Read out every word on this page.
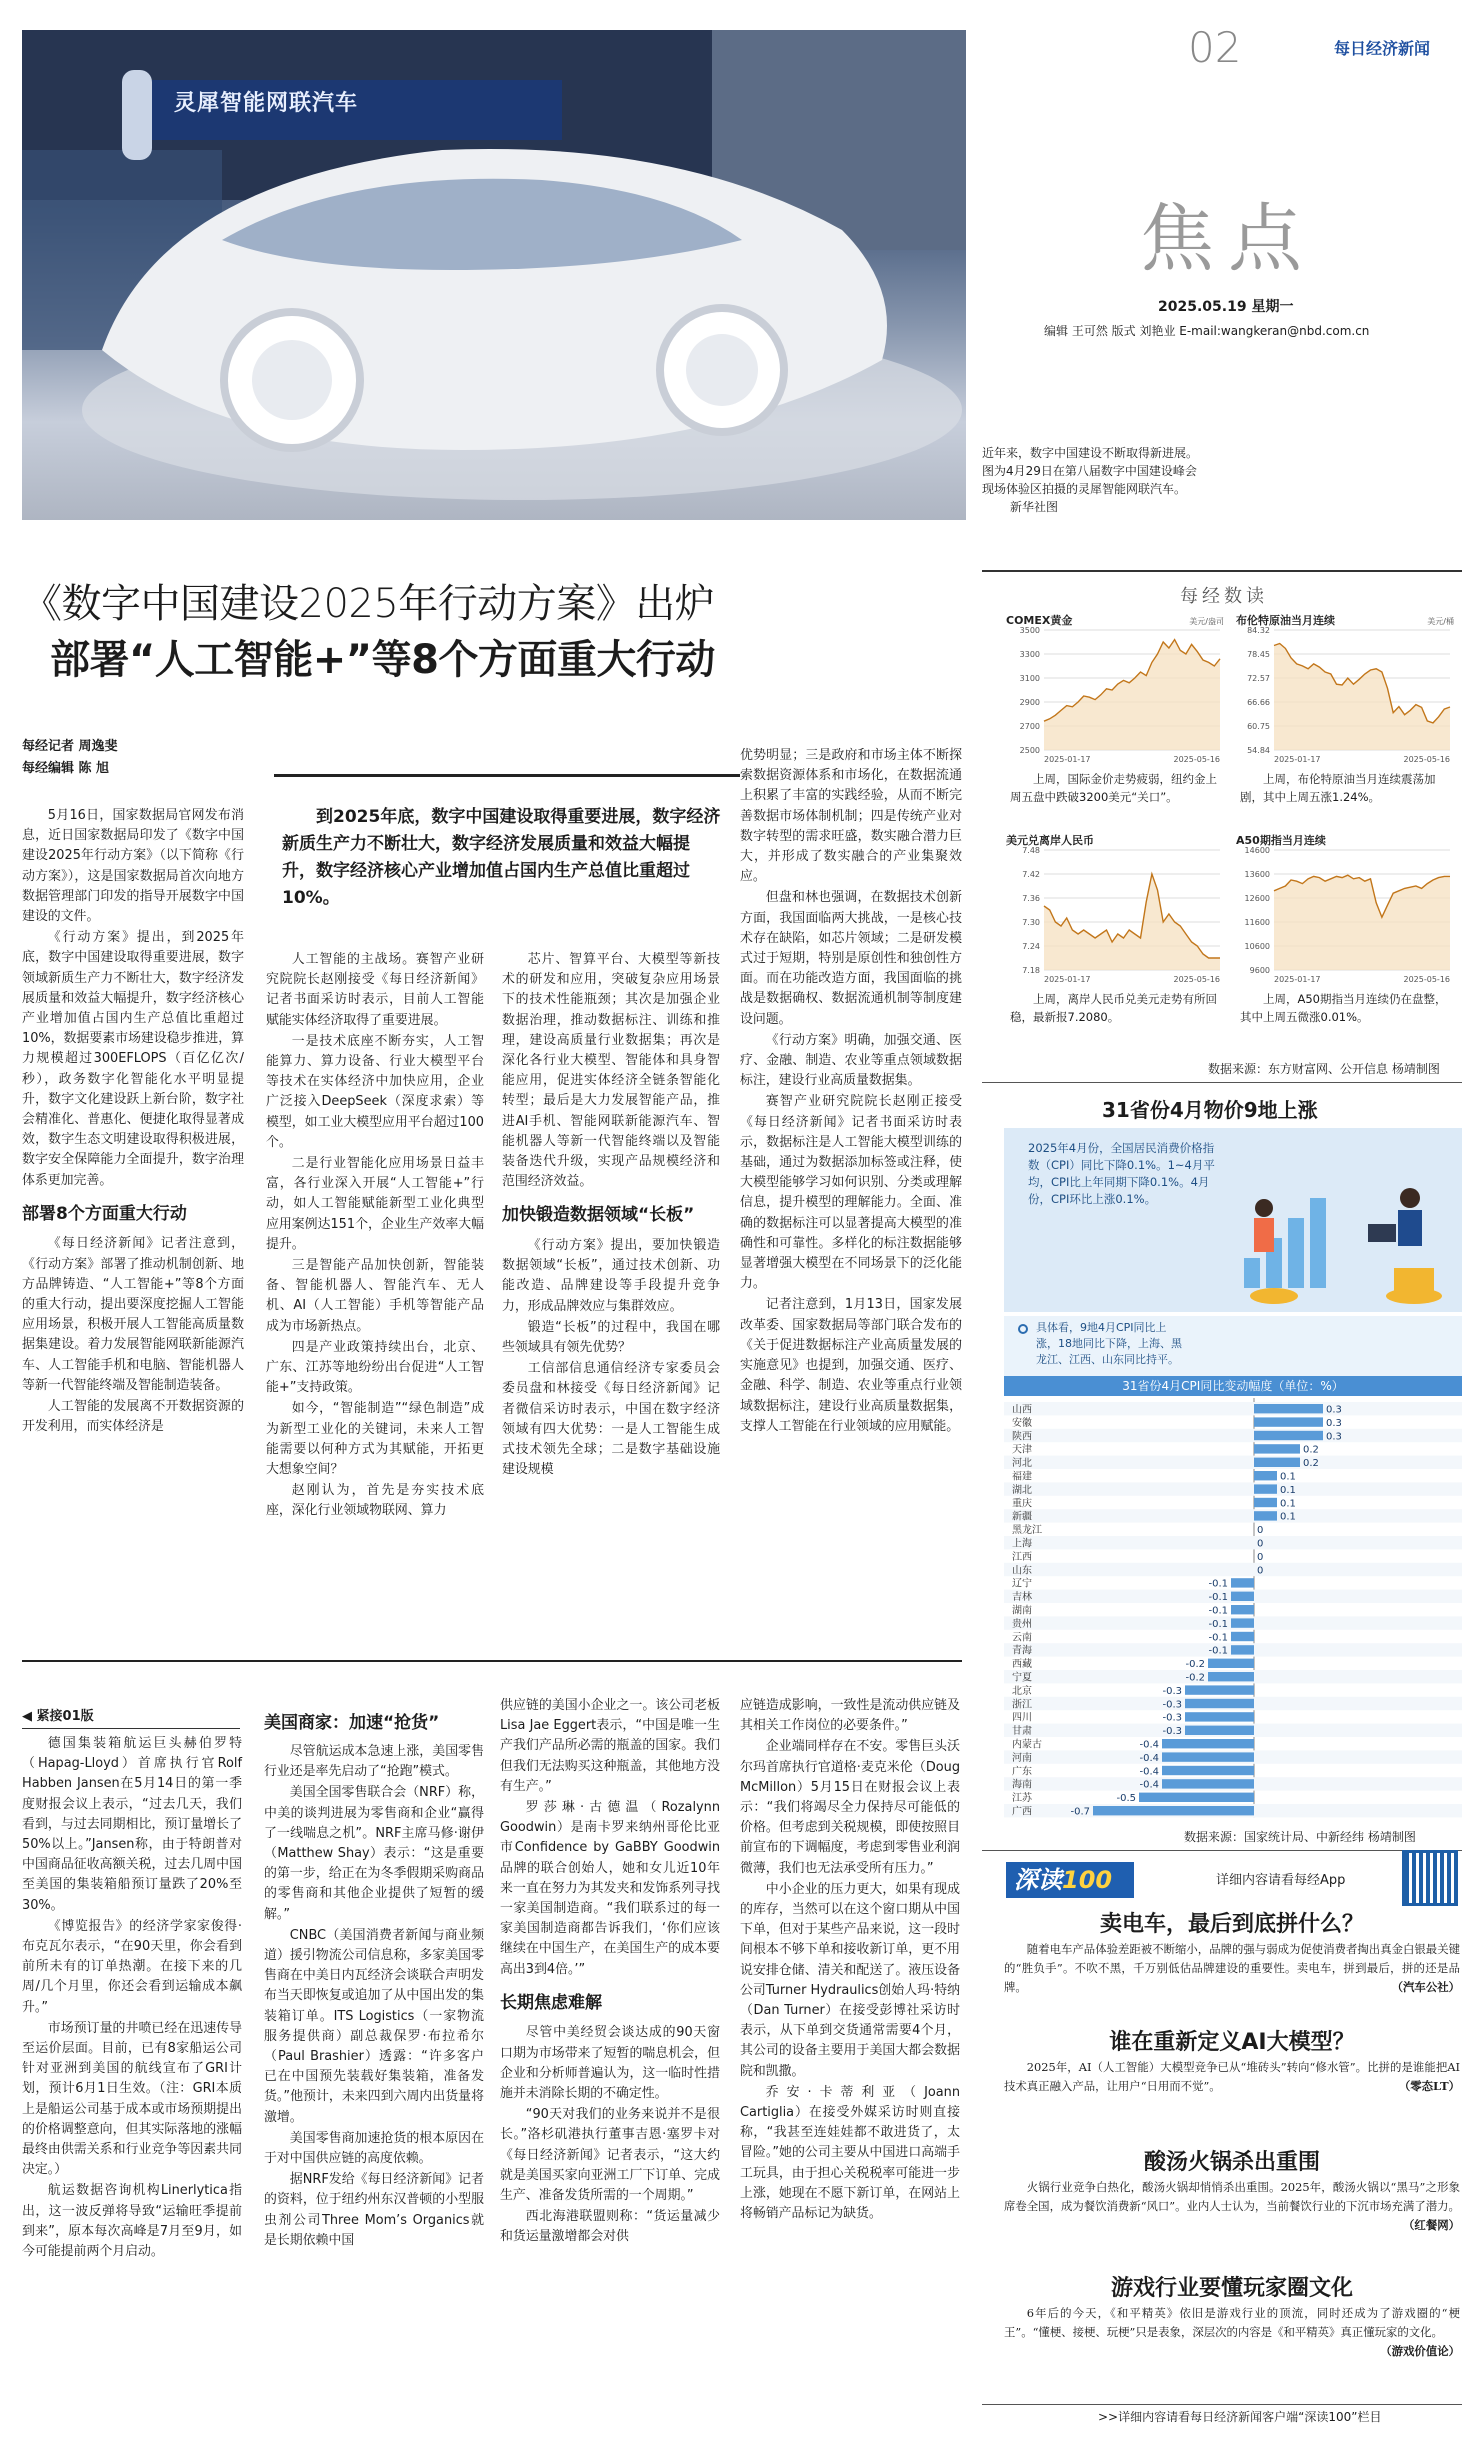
02	每日经济新闻
焦点
2025.05.19 星期一
编辑 王可然 版式 刘艳业 E-mail:wangkeran@nbd.com.cn
灵犀智能网联汽车
近年来，数字中国建设不断取得新进展。图为4月29日在第八届数字中国建设峰会现场体验区拍摄的灵犀智能网联汽车。 新华社图
《数字中国建设2025年行动方案》出炉
部署“人工智能+”等8个方面重大行动
每经记者 周逸斐
每经编辑 陈 旭
到2025年底，数字中国建设取得重要进展，数字经济新质生产力不断壮大，数字经济发展质量和效益大幅提升，数字经济核心产业增加值占国内生产总值比重超过10%。

5月16日，国家数据局官网发布消息，近日国家数据局印发了《数字中国建设2025年行动方案》（以下简称《行动方案》），这是国家数据局首次向地方数据管理部门印发的指导开展数字中国建设的文件。

《行动方案》提出，到2025年底，数字中国建设取得重要进展，数字领域新质生产力不断壮大，数字经济发展质量和效益大幅提升，数字经济核心产业增加值占国内生产总值比重超过10%，数据要素市场建设稳步推进，算力规模超过300EFLOPS（百亿亿次/秒），政务数字化智能化水平明显提升，数字文化建设跃上新台阶，数字社会精准化、普惠化、便捷化取得显著成效，数字生态文明建设取得积极进展，数字安全保障能力全面提升，数字治理体系更加完善。

部署8个方面重大行动

《每日经济新闻》记者注意到，《行动方案》部署了推动机制创新、地方品牌铸造、“人工智能+”等8个方面的重大行动，提出要深度挖掘人工智能应用场景，积极开展人工智能高质量数据集建设。着力发展智能网联新能源汽车、人工智能手机和电脑、智能机器人等新一代智能终端及智能制造装备。

人工智能的发展离不开数据资源的开发利用，而实体经济是

人工智能的主战场。赛智产业研究院院长赵刚接受《每日经济新闻》记者书面采访时表示，目前人工智能赋能实体经济取得了重要进展。

一是技术底座不断夯实，人工智能算力、算力设备、行业大模型平台等技术在实体经济中加快应用，企业广泛接入DeepSeek（深度求索）等模型，如工业大模型应用平台超过100个。

二是行业智能化应用场景日益丰富，各行业深入开展“人工智能+”行动，如人工智能赋能新型工业化典型应用案例达151个，企业生产效率大幅提升。

三是智能产品加快创新，智能装备、智能机器人、智能汽车、无人机、AI（人工智能）手机等智能产品成为市场新热点。

四是产业政策持续出台，北京、广东、江苏等地纷纷出台促进“人工智能+”支持政策。

如今，“智能制造”“绿色制造”成为新型工业化的关键词，未来人工智能需要以何种方式为其赋能，开拓更大想象空间？

赵刚认为，首先是夯实技术底座，深化行业领域物联网、算力

芯片、智算平台、大模型等新技术的研发和应用，突破复杂应用场景下的技术性能瓶颈；其次是加强企业数据治理，推动数据标注、训练和推理，建设高质量行业数据集；再次是深化各行业大模型、智能体和具身智能应用，促进实体经济全链条智能化转型；最后是大力发展智能产品，推进AI手机、智能网联新能源汽车、智能机器人等新一代智能终端以及智能装备迭代升级，实现产品规模经济和范围经济效益。

加快锻造数据领域“长板”

《行动方案》提出，要加快锻造数据领域“长板”，通过技术创新、功能改造、品牌建设等手段提升竞争力，形成品牌效应与集群效应。

锻造“长板”的过程中，我国在哪些领域具有领先优势？

工信部信息通信经济专家委员会委员盘和林接受《每日经济新闻》记者微信采访时表示，中国在数字经济领域有四大优势：一是人工智能生成式技术领先全球；二是数字基础设施建设规模

优势明显；三是政府和市场主体不断探索数据资源体系和市场化，在数据流通上积累了丰富的实践经验，从而不断完善数据市场体制机制；四是传统产业对数字转型的需求旺盛，数实融合潜力巨大，并形成了数实融合的产业集聚效应。

但盘和林也强调，在数据技术创新方面，我国面临两大挑战，一是核心技术存在缺陷，如芯片领域；二是研发模式过于短期，特别是原创性和独创性方面。而在功能改造方面，我国面临的挑战是数据确权、数据流通机制等制度建设问题。

《行动方案》明确，加强交通、医疗、金融、制造、农业等重点领域数据标注，建设行业高质量数据集。

赛智产业研究院院长赵刚正接受《每日经济新闻》记者书面采访时表示，数据标注是人工智能大模型训练的基础，通过为数据添加标签或注释，使大模型能够学习如何识别、分类或理解信息，提升模型的理解能力。全面、准确的数据标注可以显著提高大模型的准确性和可靠性。多样化的标注数据能够显著增强大模型在不同场景下的泛化能力。

记者注意到，1月13日，国家发展改革委、国家数据局等部门联合发布的《关于促进数据标注产业高质量发展的实施意见》也提到，加强交通、医疗、金融、科学、制造、农业等重点行业领域数据标注，建设行业高质量数据集，支撑人工智能在行业领域的应用赋能。

◀ 紧接01版

德国集装箱航运巨头赫伯罗特（Hapag-Lloyd）首席执行官Rolf Habben Jansen在5月14日的第一季度财报会议上表示，“过去几天，我们看到，与过去同期相比，预订量增长了50%以上。”Jansen称，由于特朗普对中国商品征收高额关税，过去几周中国至美国的集装箱船预订量跌了20%至30%。

《博览报告》的经济学家家俊得·布克瓦尔表示，“在90天里，你会看到前所未有的订单热潮。在接下来的几周/几个月里，你还会看到运输成本飙升。”

市场预订量的井喷已经在迅速传导至运价层面。目前，已有8家船运公司针对亚洲到美国的航线宣布了GRI计划，预计6月1日生效。（注：GRI本质上是船运公司基于成本或市场预期提出的价格调整意向，但其实际落地的涨幅最终由供需关系和行业竞争等因素共同决定。）

航运数据咨询机构Linerlytica指出，这一波反弹将导致“运输旺季提前到来”，原本每次高峰是7月至9月，如今可能提前两个月启动。

美国商家：加速“抢货”

尽管航运成本急速上涨，美国零售行业还是率先启动了“抢跑”模式。

美国全国零售联合会（NRF）称，中美的谈判进展为零售商和企业“赢得了一线喘息之机”。NRF主席马修·谢伊（Matthew Shay）表示：“这是重要的第一步，给正在为冬季假期采购商品的零售商和其他企业提供了短暂的缓解。”

CNBC（美国消费者新闻与商业频道）援引物流公司信息称，多家美国零售商在中美日内瓦经济会谈联合声明发布当天即恢复或追加了从中国出发的集装箱订单。ITS Logistics（一家物流服务提供商）副总裁保罗·布拉希尔（Paul Brashier）透露：“许多客户已在中国预先装载好集装箱，准备发货。”他预计，未来四到六周内出货量将激增。

美国零售商加速抢货的根本原因在于对中国供应链的高度依赖。

据NRF发给《每日经济新闻》记者的资料，位于纽约州东汉普顿的小型服虫剂公司Three Mom’s Organics就是长期依赖中国

供应链的美国小企业之一。该公司老板Lisa Jae Eggert表示，“中国是唯一生产我们产品所必需的瓶盖的国家。我们但我们无法购买这种瓶盖，其他地方没有生产。”

罗莎琳·古德温（Rozalynn Goodwin）是南卡罗来纳州哥伦比亚市Confidence by GaBBY Goodwin品牌的联合创始人，她和女儿近10年来一直在努力为其发夹和发饰系列寻找一家美国制造商。“我们联系过的每一家美国制造商都告诉我们，‘你们应该继续在中国生产，在美国生产的成本要高出3到4倍。’”

长期焦虑难解

尽管中美经贸会谈达成的90天窗口期为市场带来了短暂的喘息机会，但企业和分析师普遍认为，这一临时性措施并未消除长期的不确定性。

“90天对我们的业务来说并不是很长。”洛杉矶港执行董事吉恩·塞罗卡对《每日经济新闻》记者表示，“这大约就是美国买家向亚洲工厂下订单、完成生产、准备发货所需的一个周期。”

西北海港联盟则称：“货运量减少和货运量激增都会对供

应链造成影响，一致性是流动供应链及其相关工作岗位的必要条件。”

企业端同样存在不安。零售巨头沃尔玛首席执行官道格·麦克米伦（Doug McMillon）5月15日在财报会议上表示：“我们将竭尽全力保持尽可能低的价格。但考虑到关税规模，即使按照目前宣布的下调幅度，考虑到零售业利润微薄，我们也无法承受所有压力。”

中小企业的压力更大，如果有现成的库存，当然可以在这个窗口期从中国下单，但对于某些产品来说，这一段时间根本不够下单和接收新订单，更不用说安排仓储、清关和配送了。液压设备公司Turner Hydraulics创始人玛·特纳（Dan Turner）在接受彭博社采访时表示，从下单到交货通常需要4个月，其公司的设备主要用于美国大都会数据院和凯撒。

乔安·卡蒂利亚（Joann Cartiglia）在接受外媒采访时则直接称，“我甚至连娃娃都不敢进货了，太冒险。”她的公司主要从中国进口高端手工玩具，由于担心关税税率可能进一步上涨，她现在不愿下新订单，在网站上将畅销产品标记为缺货。

每经数读
COMEX黄金	美元/盎司
3500
3300
3100
2900
2700
2500
2025-01-17	2025-05-16
上周，国际金价走势疲弱，纽约金上周五盘中跌破3200美元“关口”。
布伦特原油当月连续	美元/桶
84.32
78.45
72.57
66.66
60.75
54.84
2025-01-17	2025-05-16
上周，布伦特原油当月连续震荡加剧，其中上周五涨1.24%。
美元兑离岸人民币
7.48
7.42
7.36
7.30
7.24
7.18
2025-01-17	2025-05-16
上周，离岸人民币兑美元走势有所回稳，最新报7.2080。
A50期指当月连续
14600
13600
12600
11600
10600
9600
2025-01-17	2025-05-16
上周，A50期指当月连续仍在盘整，其中上周五微涨0.01%。
数据来源：东方财富网、公开信息 杨靖制图
31省份4月物价9地上涨
2025年4月份，全国居民消费价格指数（CPI）同比下降0.1%。1~4月平均，CPI比上年同期下降0.1%。4月份，CPI环比上涨0.1%。
具体看，9地4月CPI同比上涨，18地同比下降，上海、黑龙江、江西、山东同比持平。
31省份4月CPI同比变动幅度（单位：%）
山西	0.3
安徽	0.3
陕西	0.3
天津	0.2
河北	0.2
福建	0.1
湖北	0.1
重庆	0.1
新疆	0.1
黑龙江	0
上海	0
江西	0
山东	0
辽宁	-0.1
吉林	-0.1
湖南	-0.1
贵州	-0.1
云南	-0.1
青海	-0.1
西藏	-0.2
宁夏	-0.2
北京	-0.3
浙江	-0.3
四川	-0.3
甘肃	-0.3
内蒙古	-0.4
河南	-0.4
广东	-0.4
海南	-0.4
江苏	-0.5
广西	-0.7
数据来源：国家统计局、中新经纬 杨靖制图
深读100	详细内容请看每经App
卖电车，最后到底拼什么？
随着电车产品体验差距被不断缩小，品牌的强与弱成为促使消费者掏出真金白银最关键的“胜负手”。不吹不黑，千万别低估品牌建设的重要性。卖电车，拼到最后，拼的还是品牌。	（汽车公社）
谁在重新定义AI大模型？
2025年，AI（人工智能）大模型竞争已从“堆砖头”转向“修水管”。比拼的是谁能把AI技术真正融入产品，让用户“日用而不觉”。	（零态LT）
酸汤火锅杀出重围
火锅行业竞争白热化，酸汤火锅却悄悄杀出重围。2025年，酸汤火锅以“黑马”之形象席卷全国，成为餐饮消费新“风口”。业内人士认为，当前餐饮行业的下沉市场充满了潜力。
（红餐网）
游戏行业要懂玩家圈文化
6年后的今天，《和平精英》依旧是游戏行业的顶流，同时还成为了游戏圈的“梗王”。“懂梗、接梗、玩梗”只是表象，深层次的内容是《和平精英》真正懂玩家的文化。
（游戏价值论）
>>详细内容请看每日经济新闻客户端“深读100”栏目
